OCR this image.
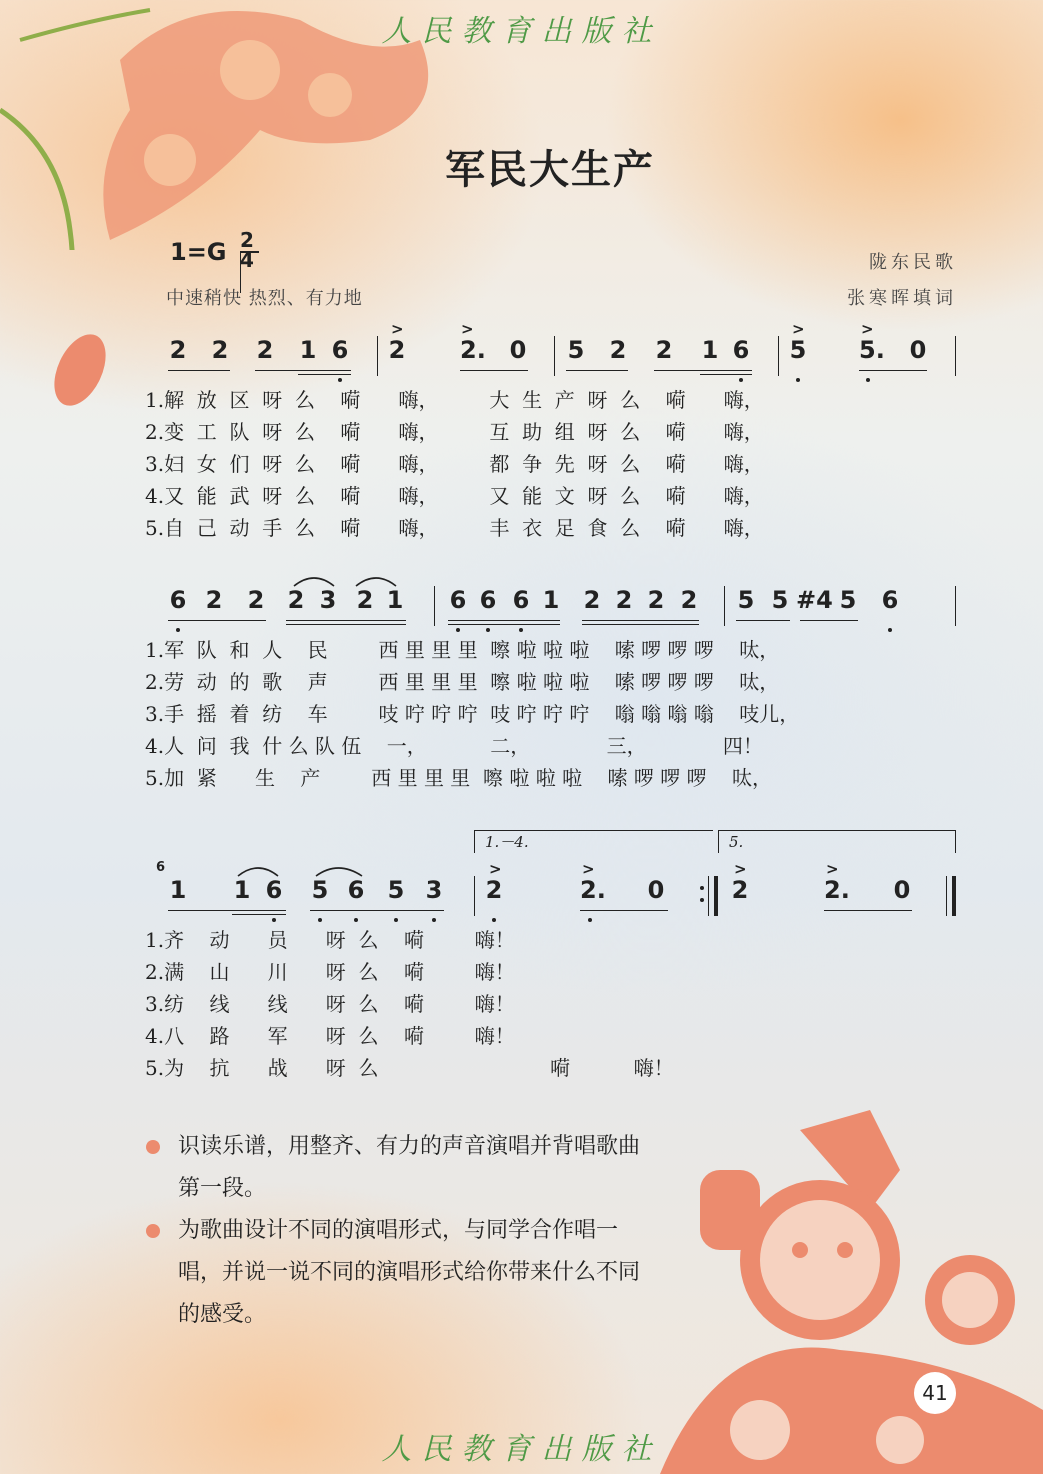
人民教育出版社
军民大生产
1=G 2
4
中速稍快 热烈、有力地
陇东民歌
张寒晖填词
2 2 2 1 6
>
2
>
2. 0 5 2 2 1 6
>
5
>
5.	0
1.解  放  区  呀  么    嗬      嗨，        大  生  产  呀  么    嗬      嗨，
2.变  工  队  呀  么    嗬      嗨，        互  助  组  呀  么    嗬      嗨，
3.妇  女  们  呀  么    嗬      嗨，        都  争  先  呀  么    嗬      嗨，
4.又  能  武  呀  么    嗬      嗨，        又  能  文  呀  么    嗬      嗨，
5.自  己  动  手  么    嗬      嗨，        丰  衣  足  食  么    嗬      嗨，
6 2 2 2 3 2 1 6 6 6 1 2 2 2 2 5 5 #4 5 6
1.军  队  和  人    民        西 里 里 里  嚓 啦 啦 啦    嗦 啰 啰 啰    呔，
2.劳  动  的  歌    声        西 里 里 里  嚓 啦 啦 啦    嗦 啰 啰 啰    呔，
3.手  摇  着  纺    车        吱 咛 咛 咛  吱 咛 咛 咛    嗡 嗡 嗡 嗡    吱儿，
4.人  问  我  什 么 队 伍    一，          二，            三，            四！
5.加  紧      生    产        西 里 里 里  嚓 啦 啦 啦    嗦 啰 啰 啰    呔，
1.－4.	5.
6
1 1 6 5 6 5 3
>
2
>
2.	0
>
2
>
2.	0
1.齐    动      员      呀  么    嗬        嗨！
2.满    山      川      呀  么    嗬        嗨！
3.纺    线      线      呀  么    嗬        嗨！
4.八    路      军      呀  么    嗬        嗨！
5.为    抗      战      呀  么                           嗬          嗨！

识读乐谱，用整齐、有力的声音演唱并背唱歌曲第一段。

为歌曲设计不同的演唱形式，与同学合作唱一唱，并说一说不同的演唱形式给你带来什么不同的感受。

41
人民教育出版社
